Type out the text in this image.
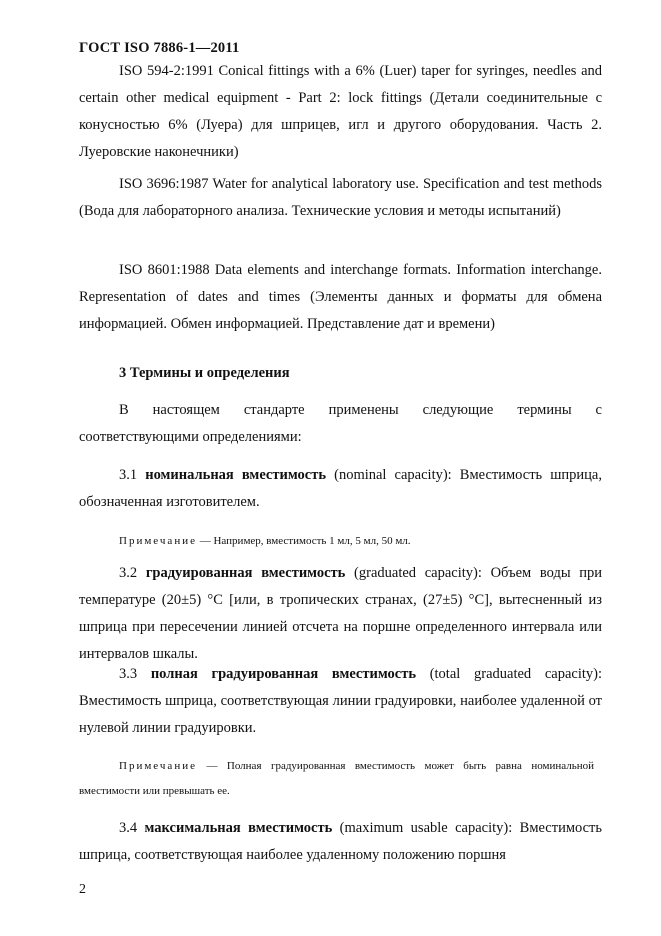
ГОСТ ISO 7886-1—2011

ISO 594-2:1991 Conical fittings with a 6% (Luer) taper for syringes, needles and certain other medical equipment - Part 2: lock fittings (Детали соединительные с конусностью 6% (Луера) для шприцев, игл и другого оборудования. Часть 2. Луеровские наконечники)

ISO 3696:1987 Water for analytical laboratory use. Specification and test methods (Вода для лабораторного анализа. Технические условия и методы испытаний)

ISO 8601:1988 Data elements and interchange formats. Information interchange. Representation of dates and times (Элементы данных и форматы для обмена информацией. Обмен информацией. Представление дат и времени)

3 Термины и определения

В настоящем стандарте применены следующие термины с соответствующими определениями:

3.1 номинальная вместимость (nominal capacity): Вместимость шприца, обозначенная изготовителем.

Примечание — Например, вместимость 1 мл, 5 мл, 50 мл.

3.2 градуированная вместимость (graduated capacity): Объем воды при температуре (20±5) °С [или, в тропических странах, (27±5) °С], вытесненный из шприца при пересечении линией отсчета на поршне определенного интервала или интервалов шкалы.

3.3 полная градуированная вместимость (total graduated capacity): Вместимость шприца, соответствующая линии градуировки, наиболее удаленной от нулевой линии градуировки.

Примечание — Полная градуированная вместимость может быть равна номинальной вместимости или превышать ее.

3.4 максимальная вместимость (maximum usable capacity): Вместимость шприца, соответствующая наиболее удаленному положению поршня

2
